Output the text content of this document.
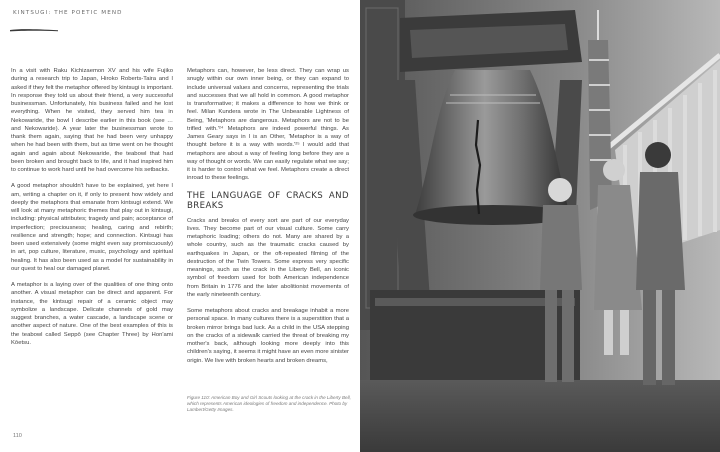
KINTSUGI: THE POETIC MEND

In a visit with Raku Kichizaemon XV and his wife Fujiko during a research trip to Japan, Hiroko Roberts-Taira and I asked if they felt the metaphor offered by kintsugi is important. In response they told us about their friend, a very successful businessman. Unfortunately, his business failed and he lost everything. When he visited, they served him tea in Nekowaride, the bowl I describe earlier in this book (see …and Nekowaride). A year later the businessman wrote to thank them again, saying that he had been very unhappy when he had been with them, but as time went on he thought again and again about Nekowaride, the teabowl that had been broken and brought back to life, and it had inspired him to continue to work hard until he had overcome his setbacks.

A good metaphor shouldn't have to be explained, yet here I am, writing a chapter on it, if only to present how widely and deeply the metaphors that emanate from kintsugi extend. We will look at many metaphoric themes that play out in kintsugi, including: physical attributes; tragedy and pain; acceptance of imperfection; preciousness; healing, caring and rebirth; resilience and strength; hope; and connection. Kintsugi has been used extensively (some might even say promiscuously) in art, pop culture, literature, music, psychology and spiritual healing. It has also been used as a model for sustainability in our quest to heal our damaged planet.

A metaphor is a laying over of the qualities of one thing onto another. A visual metaphor can be direct and apparent. For instance, the kintsugi repair of a ceramic object may symbolize a landscape. Delicate channels of gold may suggest branches, a water cascade, a landscape scene or another aspect of nature. One of the best examples of this is the teabowl called Seppō (see Chapter Three) by Hon'ami Kōetsu.

Metaphors can, however, be less direct. They can wrap us snugly within our own inner being, or they can expand to include universal values and concerns, representing the trials and successes that we all hold in common. A good metaphor is transformative; it makes a difference to how we think or feel. Milan Kundera wrote in The Unbearable Lightness of Being, 'Metaphors are dangerous. Metaphors are not to be trifled with.'²⁴ Metaphors are indeed powerful things. As James Geary says in I is an Other, 'Metaphor is a way of thought before it is a way with words.'²⁵ I would add that metaphors are about a way of feeling long before they are a way of thought or words. We can easily regulate what we say; it is harder to control what we feel. Metaphors create a direct inroad to these feelings.

THE LANGUAGE OF CRACKS AND BREAKS

Cracks and breaks of every sort are part of our everyday lives. They become part of our visual culture. Some carry metaphoric loading; others do not. Many are shared by a whole country, such as the traumatic cracks caused by earthquakes in Japan, or the oft-repeated filming of the destruction of the Twin Towers. Some express very specific meanings, such as the crack in the Liberty Bell, an iconic symbol of freedom used for both American independence from Britain in 1776 and the later abolitionist movements of the early nineteenth century.

Some metaphors about cracks and breakage inhabit a more personal space. In many cultures there is a superstition that a broken mirror brings bad luck. As a child in the USA stepping on the cracks of a sidewalk carried the threat of breaking my mother's back, although looking more deeply into this children's saying, it seems it might have an even more sinister origin. We live with broken hearts and broken dreams,

Figure 110: American Boy and Girl Scouts looking at the crack in the Liberty Bell, which represents American ideologies of freedom and independence. Photo by Lambert/Getty Images.
110
